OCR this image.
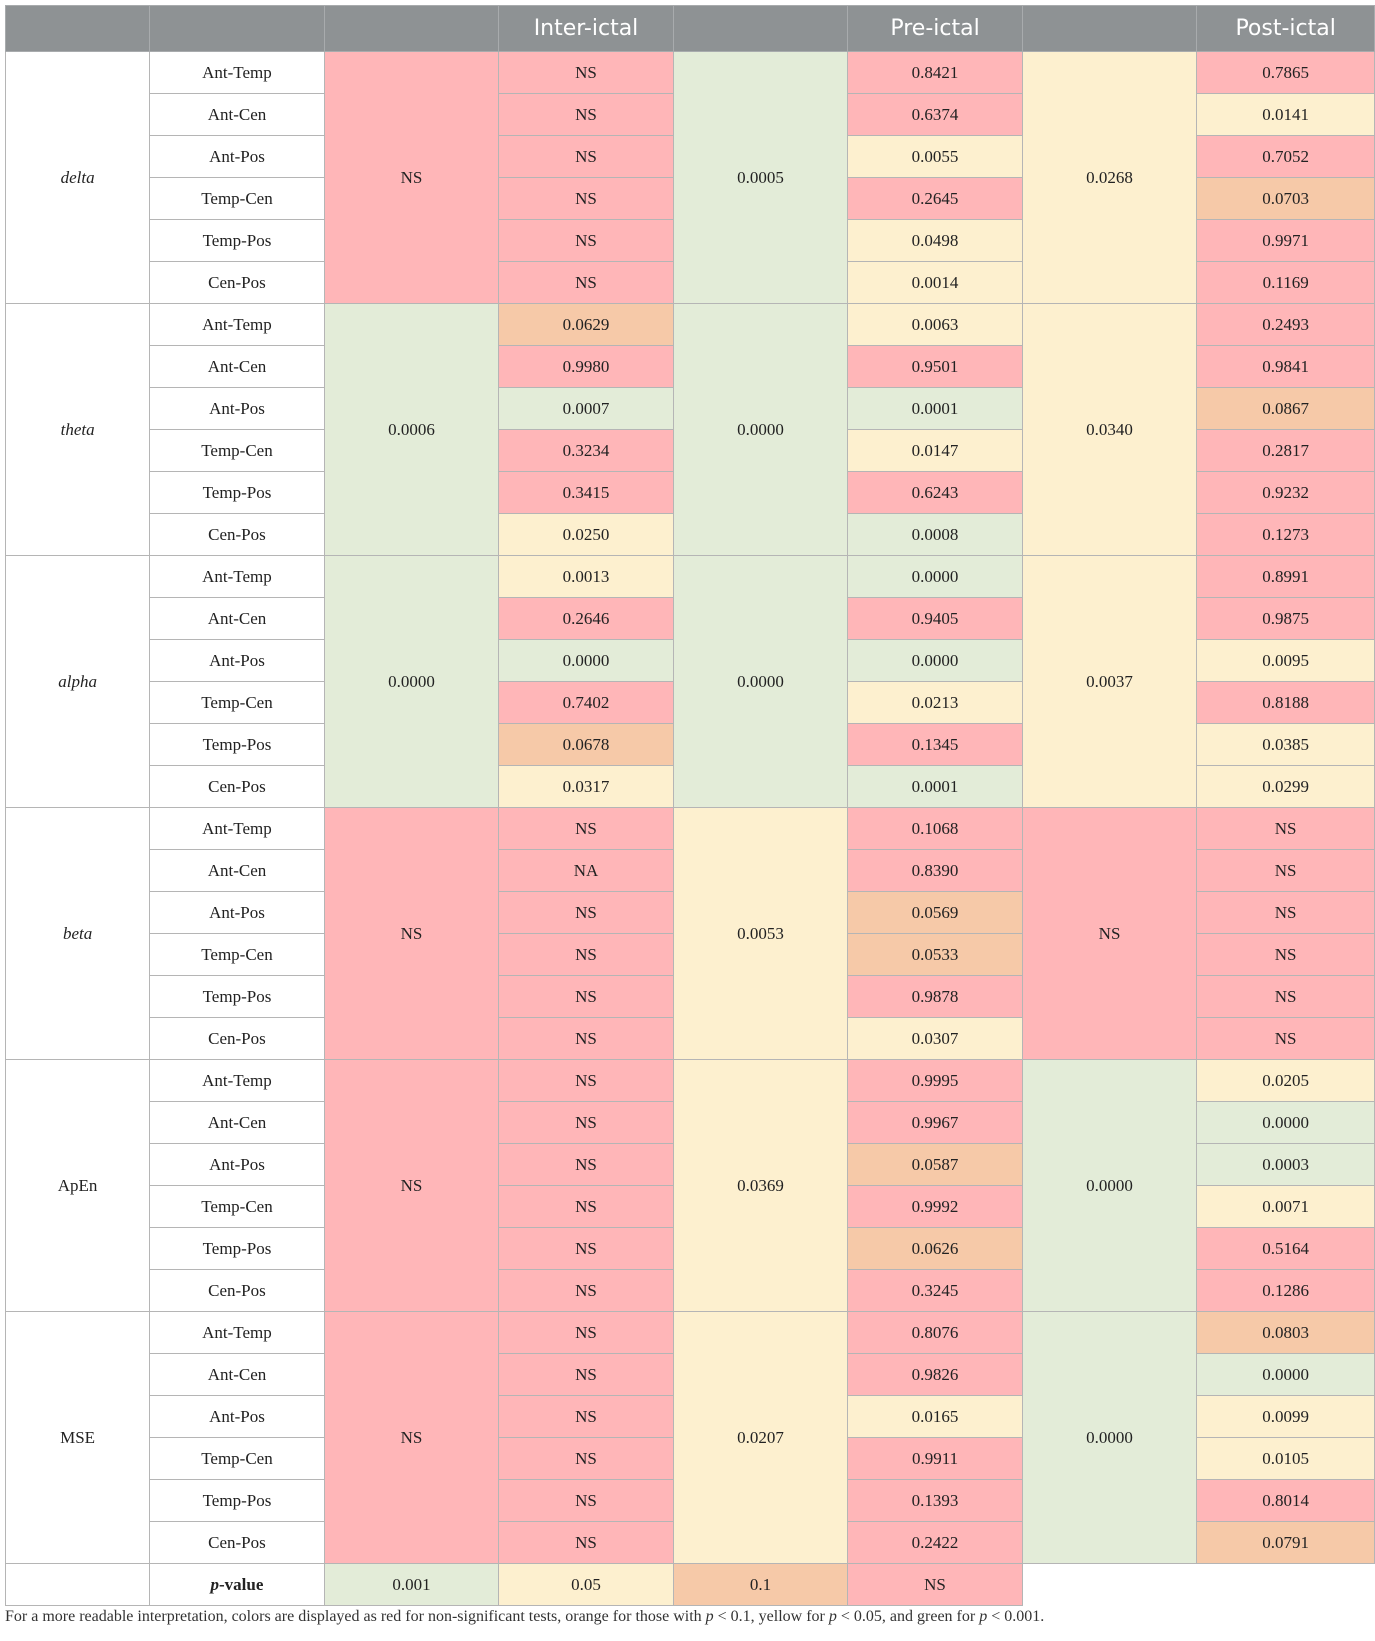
			Inter-ictal		Pre-ictal		Post-ictal
delta	Ant-Temp	NS	NS	0.0005	0.8421	0.0268	0.7865
	Ant-Cen		NS		0.6374		0.0141
	Ant-Pos		NS		0.0055		0.7052
	Temp-Cen		NS		0.2645		0.0703
	Temp-Pos		NS		0.0498		0.9971
	Cen-Pos		NS		0.0014		0.1169
theta	Ant-Temp	0.0006	0.0629	0.0000	0.0063	0.0340	0.2493
	Ant-Cen		0.9980		0.9501		0.9841
	Ant-Pos		0.0007		0.0001		0.0867
	Temp-Cen		0.3234		0.0147		0.2817
	Temp-Pos		0.3415		0.6243		0.9232
	Cen-Pos		0.0250		0.0008		0.1273
alpha	Ant-Temp	0.0000	0.0013	0.0000	0.0000	0.0037	0.8991
	Ant-Cen		0.2646		0.9405		0.9875
	Ant-Pos		0.0000		0.0000		0.0095
	Temp-Cen		0.7402		0.0213		0.8188
	Temp-Pos		0.0678		0.1345		0.0385
	Cen-Pos		0.0317		0.0001		0.0299
beta	Ant-Temp	NS	NS	0.0053	0.1068	NS	NS
	Ant-Cen		NA		0.8390		NS
	Ant-Pos		NS		0.0569		NS
	Temp-Cen		NS		0.0533		NS
	Temp-Pos		NS		0.9878		NS
	Cen-Pos		NS		0.0307		NS
ApEn	Ant-Temp	NS	NS	0.0369	0.9995	0.0000	0.0205
	Ant-Cen		NS		0.9967		0.0000
	Ant-Pos		NS		0.0587		0.0003
	Temp-Cen		NS		0.9992		0.0071
	Temp-Pos		NS		0.0626		0.5164
	Cen-Pos		NS		0.3245		0.1286
MSE	Ant-Temp	NS	NS	0.0207	0.8076	0.0000	0.0803
	Ant-Cen		NS		0.9826		0.0000
	Ant-Pos		NS		0.0165		0.0099
	Temp-Cen		NS		0.9911		0.0105
	Temp-Pos		NS		0.1393		0.8014
	Cen-Pos		NS		0.2422		0.0791
	p-value	0.001	0.05	0.1	NS		
For a more readable interpretation, colors are displayed as red for non-significant tests, orange for those with p < 0.1, yellow for p < 0.05, and green for p < 0.001.
